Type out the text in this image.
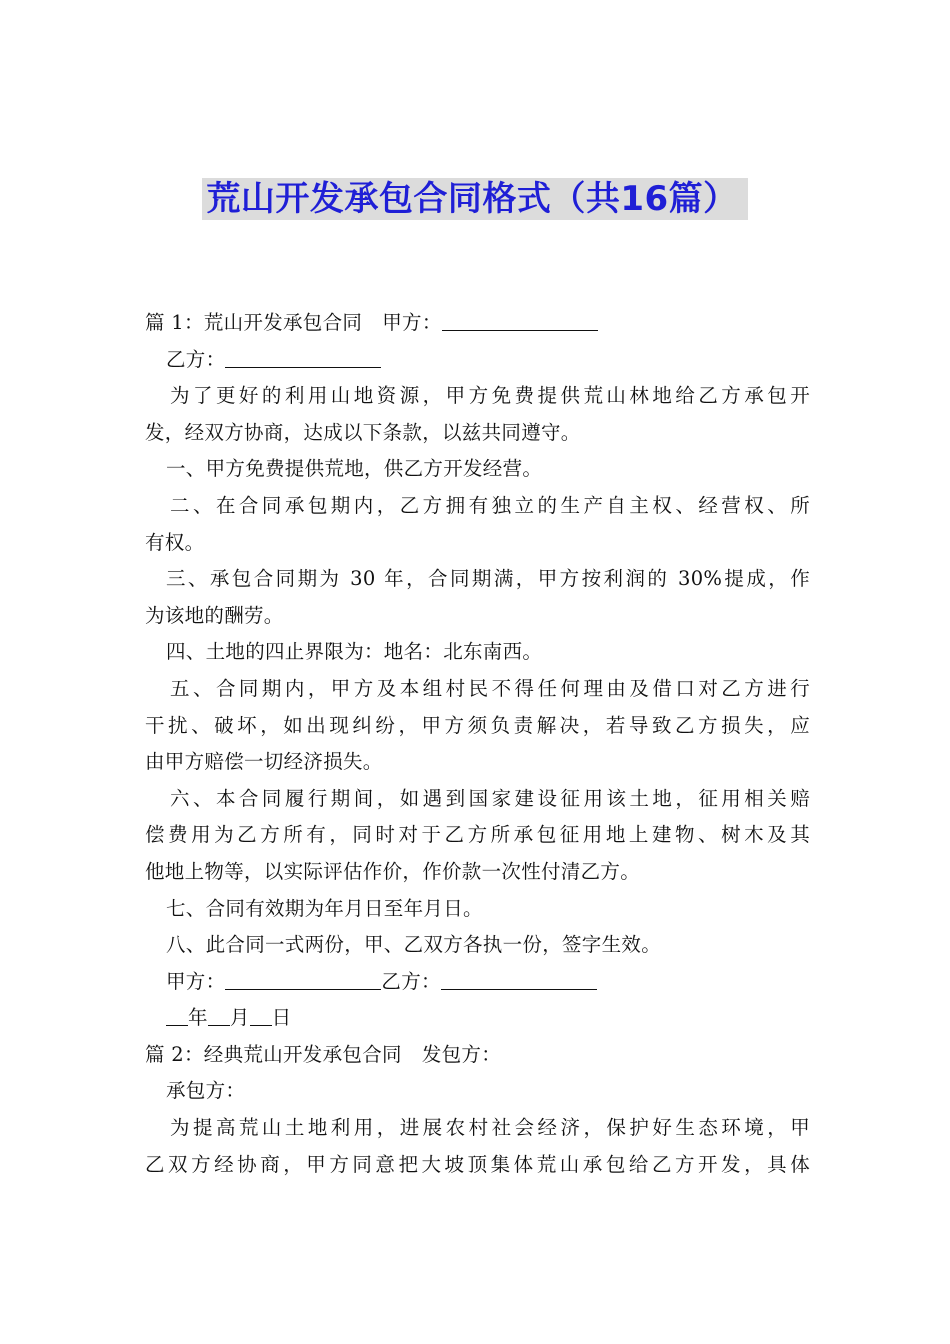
荒山开发承包合同格式（共16篇）
篇 1：荒山开发承包合同 甲方：
乙方：
为了更好的利用山地资源，甲方免费提供荒山林地给乙方承包开
发，经双方协商，达成以下条款，以兹共同遵守。
一、甲方免费提供荒地，供乙方开发经营。
二、在合同承包期内，乙方拥有独立的生产自主权、经营权、所
有权。
三、承包合同期为 30 年，合同期满，甲方按利润的 30%提成，作
为该地的酬劳。
四、土地的四止界限为：地名：北东南西。
五、合同期内，甲方及本组村民不得任何理由及借口对乙方进行
干扰、破坏，如出现纠纷，甲方须负责解决，若导致乙方损失，应
由甲方赔偿一切经济损失。
六、本合同履行期间，如遇到国家建设征用该土地，征用相关赔
偿费用为乙方所有，同时对于乙方所承包征用地上建物、树木及其
他地上物等，以实际评估作价，作价款一次性付清乙方。
七、合同有效期为年月日至年月日。
八、此合同一式两份，甲、乙双方各执一份，签字生效。
甲方：	乙方：
年 月 日
篇 2：经典荒山开发承包合同 发包方：
承包方：
为提高荒山土地利用，进展农村社会经济，保护好生态环境，甲
乙双方经协商，甲方同意把大坡顶集体荒山承包给乙方开发，具体
